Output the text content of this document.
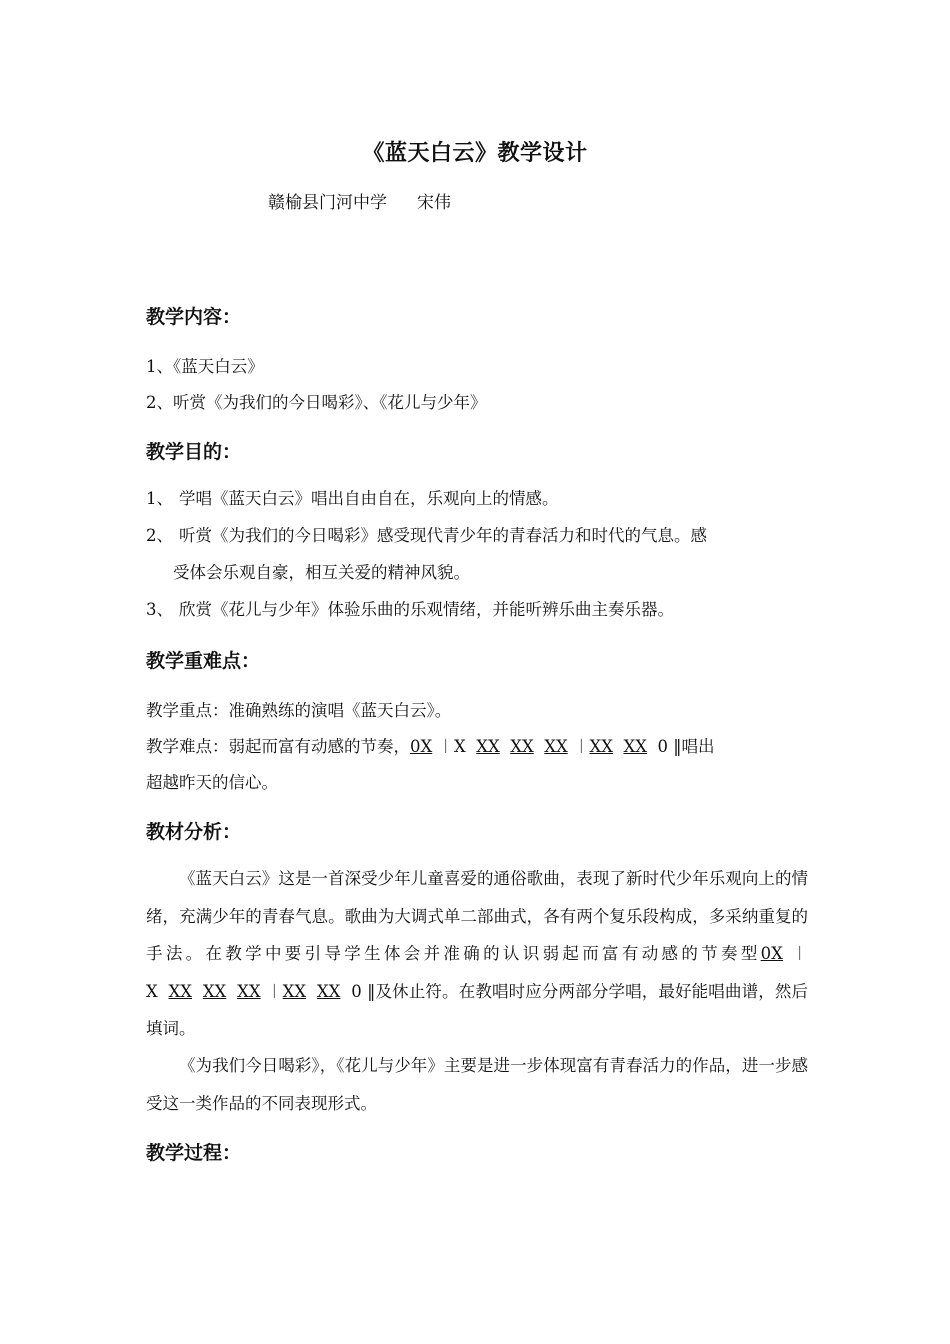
《蓝天白云》教学设计
赣榆县门河中学 宋伟
教学内容：
1、《蓝天白云》
2、听赏《为我们的今日喝彩》、《花儿与少年》
教学目的：
1、 学唱《蓝天白云》唱出自由自在，乐观向上的情感。
2、 听赏《为我们的今日喝彩》感受现代青少年的青春活力和时代的气息。感
受体会乐观自豪，相互关爱的精神风貌。
3、 欣赏《花儿与少年》体验乐曲的乐观情绪，并能听辨乐曲主奏乐器。
教学重难点：
教学重点：准确熟练的演唱《蓝天白云》。
教学难点：弱起而富有动感的节奏，0X ︱X XX XX XX ︱XX XX 0 ‖唱出
超越昨天的信心。
教材分析：
《蓝天白云》这是一首深受少年儿童喜爱的通俗歌曲，表现了新时代少年乐观向上的情绪，充满少年的青春气息。歌曲为大调式单二部曲式，各有两个复乐段构成，多采纳重复的手法。在教学中要引导学生体会并准确的认识弱起而富有动感的节奏型0X ︱X XX XX XX ︱XX XX 0 ‖及休止符。在教唱时应分两部分学唱，最好能唱曲谱，然后填词。
《为我们今日喝彩》，《花儿与少年》主要是进一步体现富有青春活力的作品，进一步感受这一类作品的不同表现形式。
教学过程：
